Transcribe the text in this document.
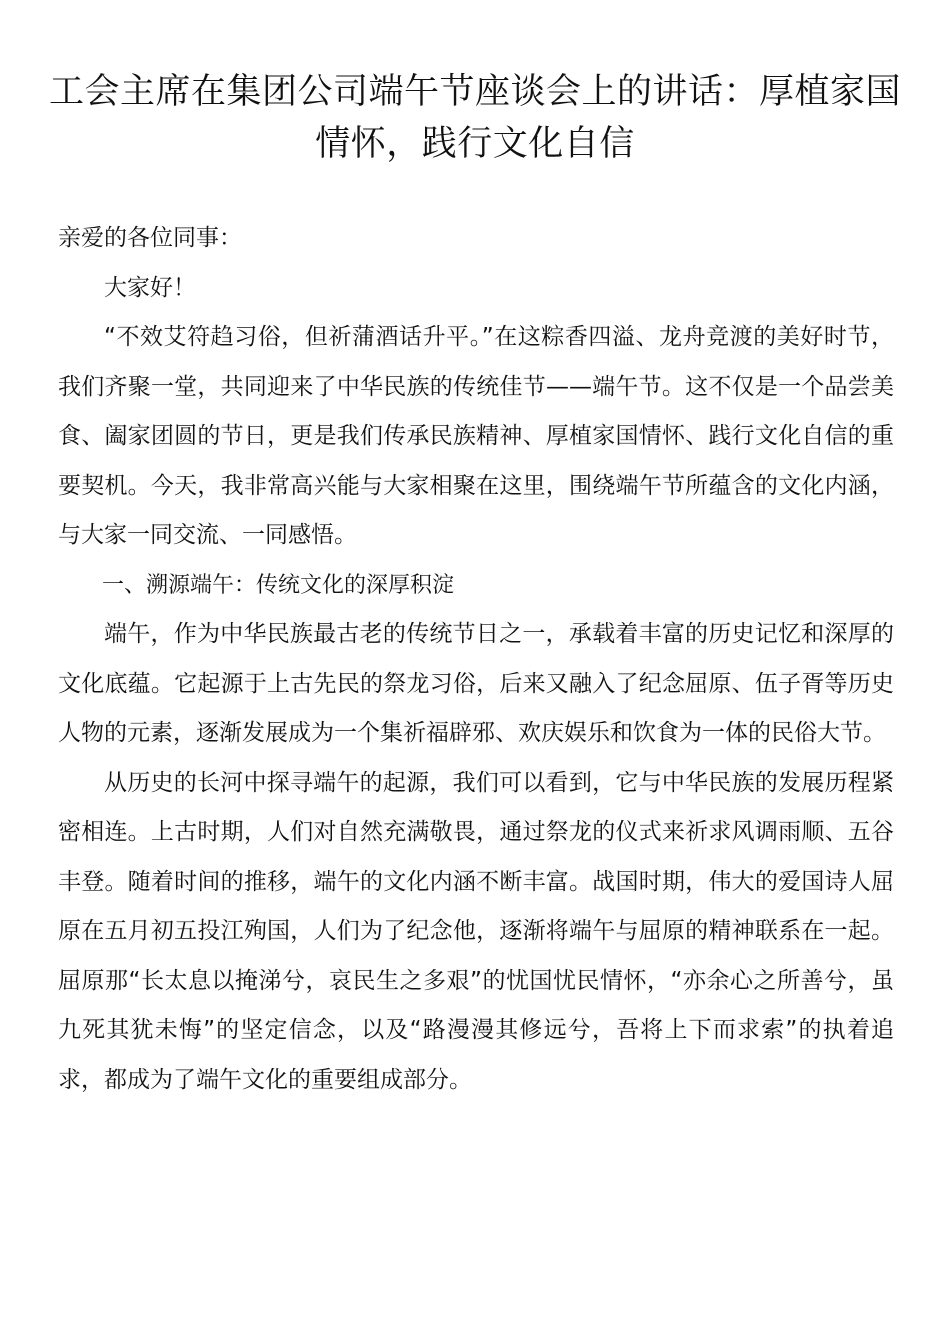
工会主席在集团公司端午节座谈会上的讲话：厚植家国情怀，践行文化自信

亲爱的各位同事：

大家好！

“不效艾符趋习俗，但祈蒲酒话升平。”在这粽香四溢、龙舟竞渡的美好时节，我们齐聚一堂，共同迎来了中华民族的传统佳节——端午节。这不仅是一个品尝美食、阖家团圆的节日，更是我们传承民族精神、厚植家国情怀、践行文化自信的重要契机。今天，我非常高兴能与大家相聚在这里，围绕端午节所蕴含的文化内涵，与大家一同交流、一同感悟。

一、溯源端午：传统文化的深厚积淀

端午，作为中华民族最古老的传统节日之一，承载着丰富的历史记忆和深厚的文化底蕴。它起源于上古先民的祭龙习俗，后来又融入了纪念屈原、伍子胥等历史人物的元素，逐渐发展成为一个集祈福辟邪、欢庆娱乐和饮食为一体的民俗大节。

从历史的长河中探寻端午的起源，我们可以看到，它与中华民族的发展历程紧密相连。上古时期，人们对自然充满敬畏，通过祭龙的仪式来祈求风调雨顺、五谷丰登。随着时间的推移，端午的文化内涵不断丰富。战国时期，伟大的爱国诗人屈原在五月初五投江殉国，人们为了纪念他，逐渐将端午与屈原的精神联系在一起。屈原那“长太息以掩涕兮，哀民生之多艰”的忧国忧民情怀，“亦余心之所善兮，虽九死其犹未悔”的坚定信念，以及“路漫漫其修远兮，吾将上下而求索”的执着追求，都成为了端午文化的重要组成部分。
